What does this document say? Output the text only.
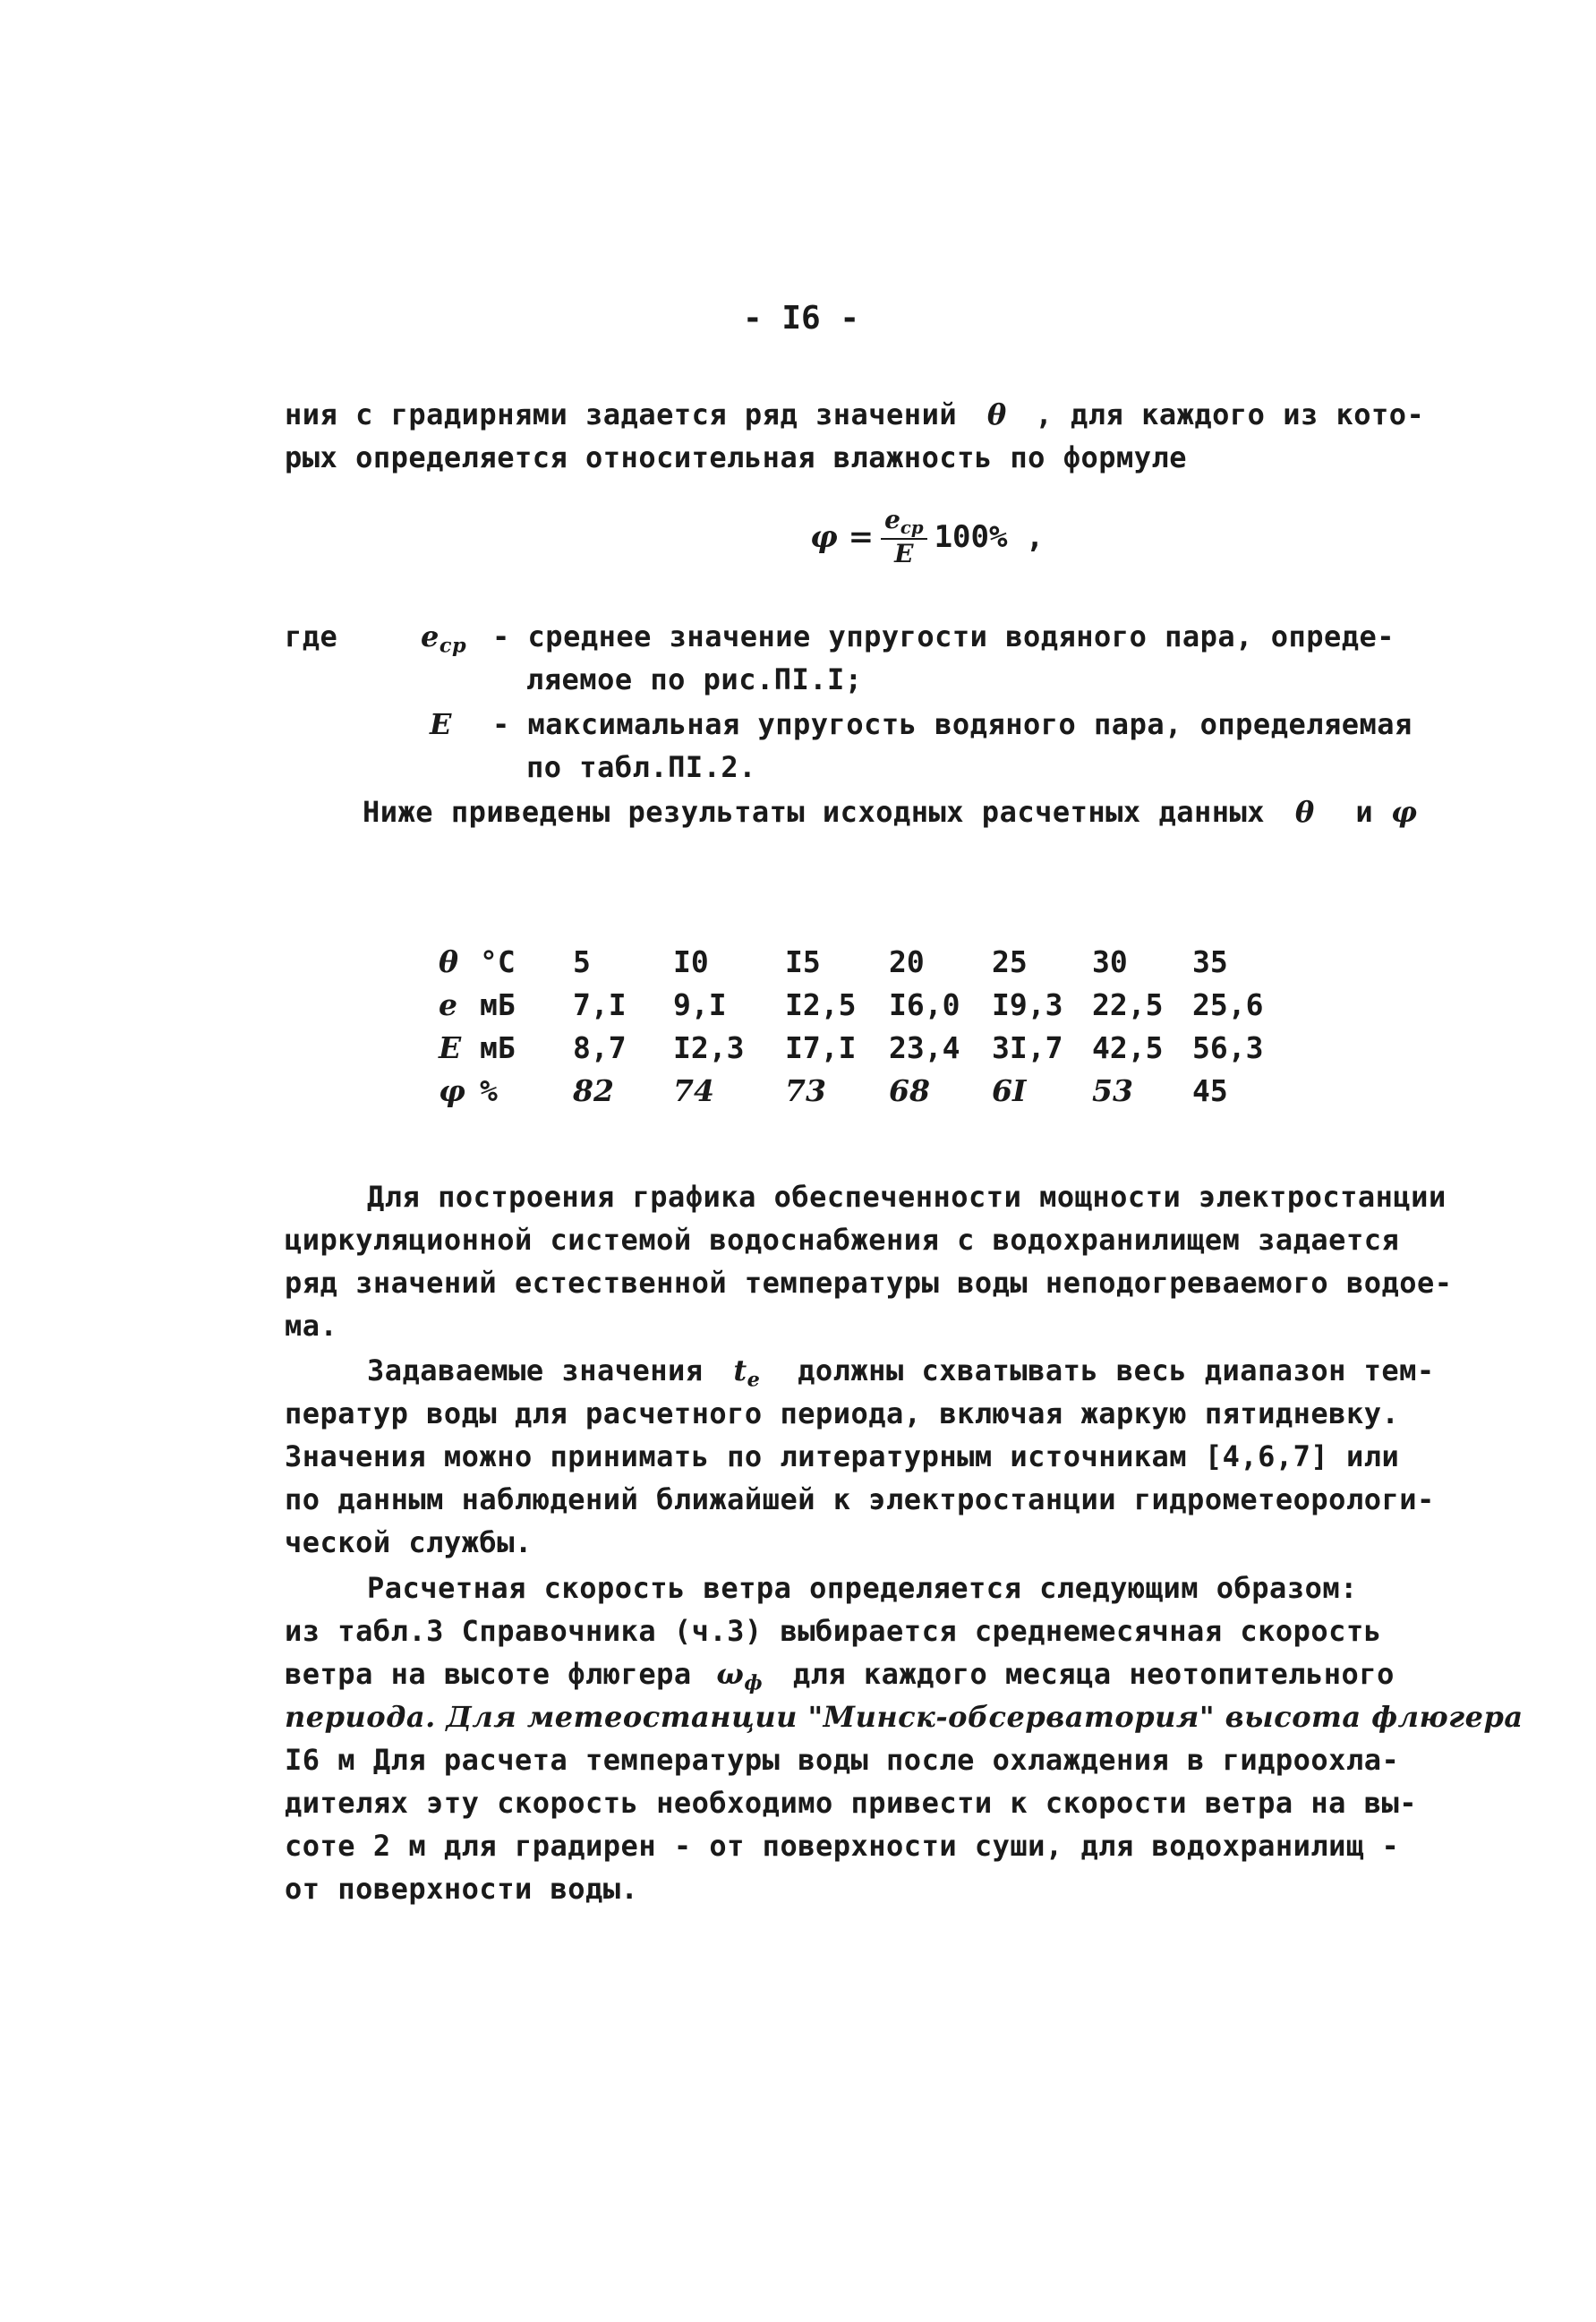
- I6 -
ния с градирнями задается ряд значений θ , для каждого из кото-
рых определяется относительная влажность по формуле
$\varphi = \frac{e_{ср}}{E} 100\%$ ,
где	$e_{ср}$ - среднее значение упругости водяного пара, опреде-
ляемое по рис.ПI.I;
E - максимальная упругость водяного пара, определяемая
по табл.ПI.2.
Ниже приведены результаты исходных расчетных данных θ и φ
θ °С 5	I0	I5 20 25 30 35
e мБ 7,I 9,I I2,5 I6,0 I9,3 22,5 25,6
E мБ 8,7 I2,3 I7,I 23,4 3I,7 42,5 56,3
φ %	82 74 73 68 6I 53 45
Для построения графика обеспеченности мощности электростанции
циркуляционной системой водоснабжения с водохранилищем задается
ряд значений естественной температуры воды неподогреваемого водое-
ма.
Задаваемые значения $t_e$ должны схватывать весь диапазон тем-
ператур воды для расчетного периода, включая жаркую пятидневку.
Значения можно принимать по литературным источникам [4,6,7] или
по данным наблюдений ближайшей к электростанции гидрометеорологи-
ческой службы.
Расчетная скорость ветра определяется следующим образом:
из табл.3 Справочника (ч.3) выбирается среднемесячная скорость
ветра на высоте флюгера $\omega_ф$ для каждого месяца неотопительного
периода. Для метеостанции "Минск-обсерватория" высота флюгера
I6 м Для расчета температуры воды после охлаждения в гидроохла-
дителях эту скорость необходимо привести к скорости ветра на вы-
соте 2 м для градирен - от поверхности суши, для водохранилищ -
от поверхности воды.
